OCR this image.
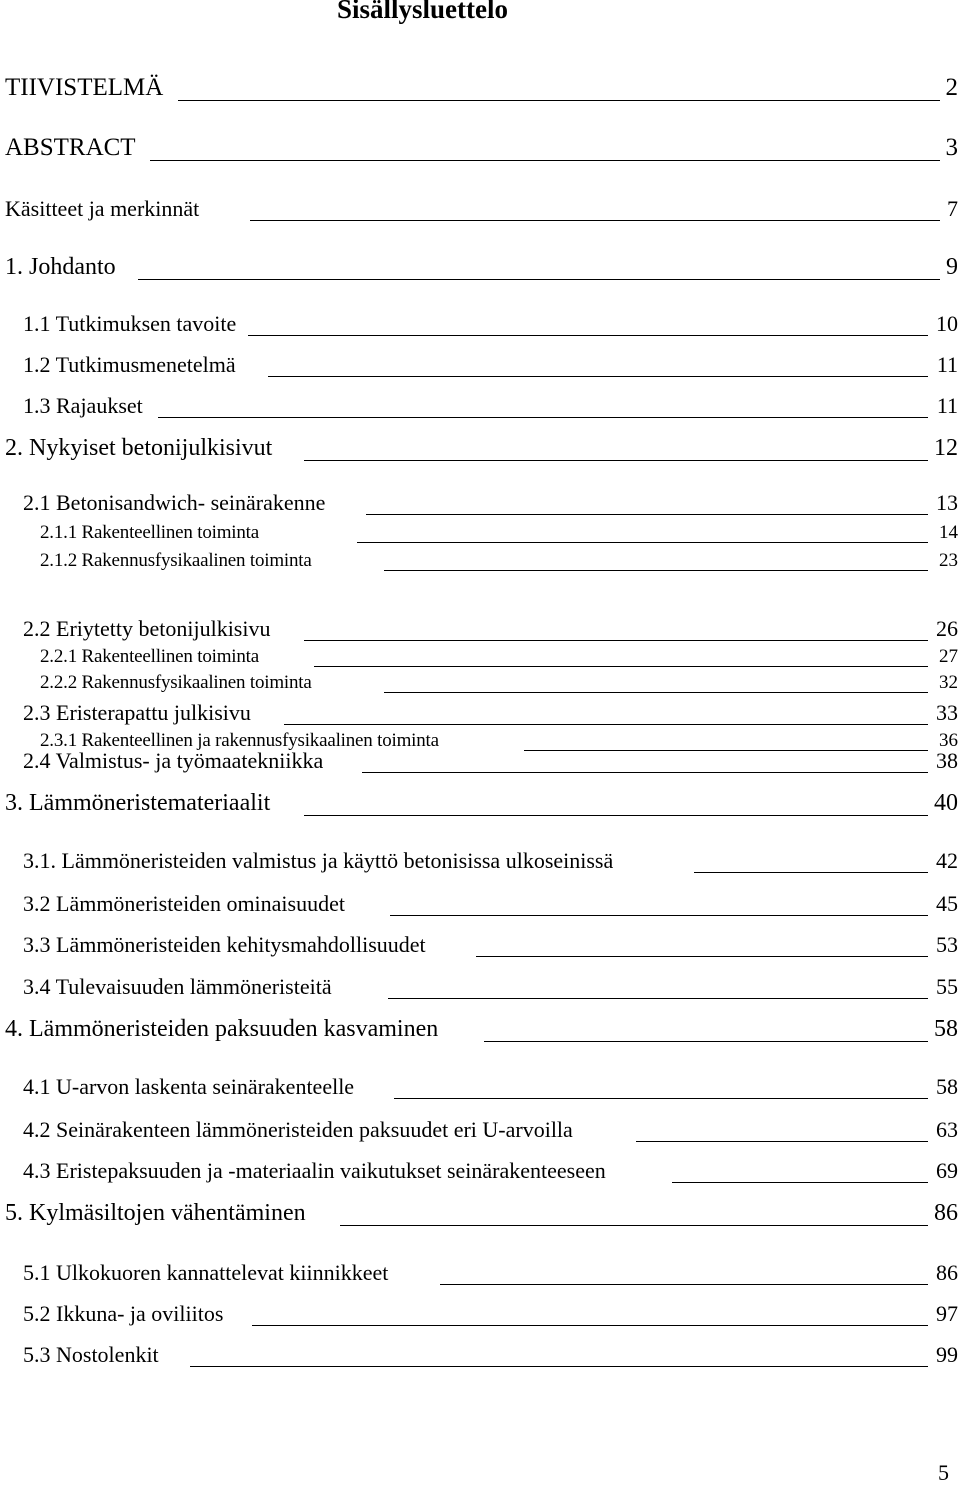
Sisällysluettelo
TIIVISTELMÄ	2
ABSTRACT	3
Käsitteet ja merkinnät	7
1. Johdanto	9
1.1 Tutkimuksen tavoite	10
1.2 Tutkimusmenetelmä	11
1.3 Rajaukset	11
2. Nykyiset betonijulkisivut	12
2.1 Betonisandwich- seinärakenne	13
2.1.1 Rakenteellinen toiminta	14
2.1.2 Rakennusfysikaalinen toiminta	23
2.2 Eriytetty betonijulkisivu	26
2.2.1 Rakenteellinen toiminta	27
2.2.2 Rakennusfysikaalinen toiminta	32
2.3 Eristerapattu julkisivu	33
2.3.1 Rakenteellinen ja rakennusfysikaalinen toiminta	36
2.4 Valmistus- ja työmaatekniikka	38
3. Lämmöneristemateriaalit	40
3.1. Lämmöneristeiden valmistus ja käyttö betonisissa ulkoseinissä	42
3.2 Lämmöneristeiden ominaisuudet	45
3.3 Lämmöneristeiden kehitysmahdollisuudet	53
3.4 Tulevaisuuden lämmöneristeitä	55
4. Lämmöneristeiden paksuuden kasvaminen	58
4.1 U-arvon laskenta seinärakenteelle	58
4.2 Seinärakenteen lämmöneristeiden paksuudet eri U-arvoilla	63
4.3 Eristepaksuuden ja -materiaalin vaikutukset seinärakenteeseen	69
5. Kylmäsiltojen vähentäminen	86
5.1 Ulkokuoren kannattelevat kiinnikkeet	86
5.2 Ikkuna- ja oviliitos	97
5.3 Nostolenkit	99
5
